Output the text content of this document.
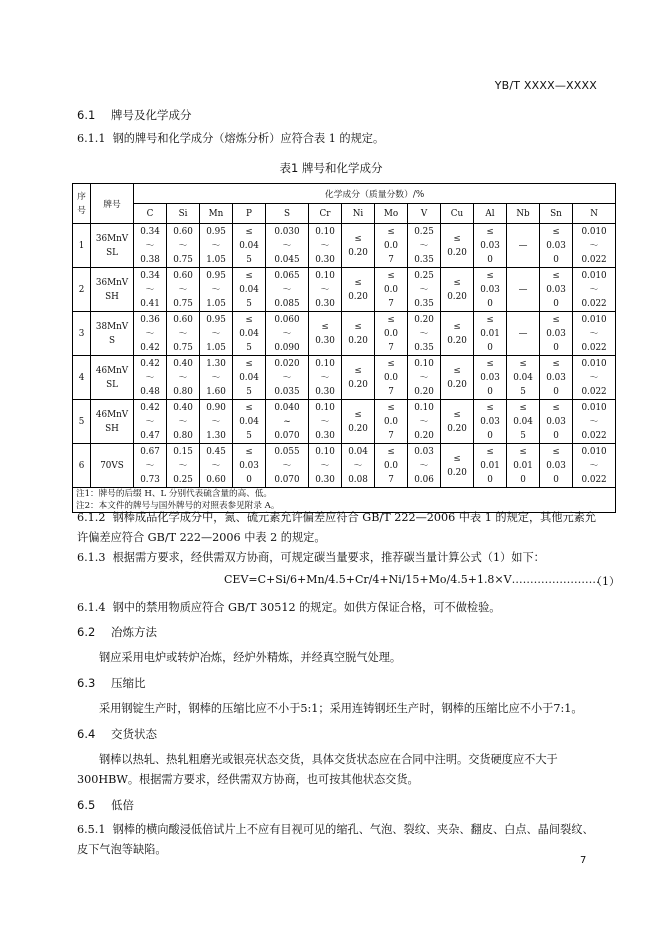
YB/T XXXX—XXXX
6.1 牌号及化学成分
6.1.1 钢的牌号和化学成分（熔炼分析）应符合表 1 的规定。
表1 牌号和化学成分
序
号	牌号	化学成分（质量分数）/%													
		C	Si	Mn	P	S	Cr	Ni	Mo	V	Cu	Al	Nb	Sn	N
1	36MnVSL	0.34
～
0.38	0.60
～
0.75	0.95
～
1.05	≤
0.04
5	0.030
～
0.045	0.10
～
0.30	≤
0.20	≤
0.0
7	0.25
～
0.35	≤
0.20	≤
0.03
0	—	≤
0.03
0	0.010
～
0.022
2	36MnVSH	0.34
～
0.41	0.60
～
0.75	0.95
～
1.05	≤
0.04
5	0.065
～
0.085	0.10
～
0.30	≤
0.20	≤
0.0
7	0.25
～
0.35	≤
0.20	≤
0.03
0	—	≤
0.03
0	0.010
～
0.022
3	38MnVS	0.36
～
0.42	0.60
～
0.75	0.95
～
1.05	≤
0.04
5	0.060
～
0.090	≤
0.30	≤
0.20	≤
0.0
7	0.20
～
0.35	≤
0.20	≤
0.01
0	—	≤
0.03
0	0.010
～
0.022
4	46MnVSL	0.42
～
0.48	0.40
～
0.80	1.30
～
1.60	≤
0.04
5	0.020
～
0.035	0.10
～
0.30	≤
0.20	≤
0.0
7	0.10
～
0.20	≤
0.20	≤
0.03
0	≤
0.04
5	≤
0.03
0	0.010
～
0.022
5	46MnVSH	0.42
～
0.47	0.40
～
0.80	0.90
～
1.30	≤
0.04
5	0.040
~
0.070	0.10
～
0.30	≤
0.20	≤
0.0
7	0.10
～
0.20	≤
0.20	≤
0.03
0	≤
0.04
5	≤
0.03
0	0.010
～
0.022
6	70VS	0.67
～
0.73	0.15
～
0.25	0.45
～
0.60	≤
0.03
0	0.055
～
0.070	0.10
～
0.30	0.04
～
0.08	≤
0.0
7	0.03
～
0.06	≤
0.20	≤
0.01
0	≤
0.01
0	≤
0.03
0	0.010
～
0.022
注1：牌号的后缀 H、L 分别代表硫含量的高、低。															
注2：本文件的牌号与国外牌号的对照表参见附录 A。															
6.1.2 钢棒成品化学成分中，氮、硫元素允许偏差应符合 GB/T 222—2006 中表 1 的规定，其他元素允许偏差应符合 GB/T 222—2006 中表 2 的规定。
6.1.3 根据需方要求，经供需双方协商，可规定碳当量要求，推荐碳当量计算公式（1）如下：
CEV=C+Si/6+Mn/4.5+Cr/4+Ni/15+Mo/4.5+1.8×V……………………
（1）
6.1.4 钢中的禁用物质应符合 GB/T 30512 的规定。如供方保证合格，可不做检验。
6.2 冶炼方法
钢应采用电炉或转炉冶炼，经炉外精炼，并经真空脱气处理。
6.3 压缩比
采用钢锭生产时，钢棒的压缩比应不小于5:1；采用连铸钢坯生产时，钢棒的压缩比应不小于7:1。
6.4 交货状态
钢棒以热轧、热轧粗磨光或银亮状态交货，具体交货状态应在合同中注明。交货硬度应不大于300HBW。根据需方要求，经供需双方协商，也可按其他状态交货。
6.5 低倍
6.5.1 钢棒的横向酸浸低倍试片上不应有目视可见的缩孔、气泡、裂纹、夹杂、翻皮、白点、晶间裂纹、皮下气泡等缺陷。
7
